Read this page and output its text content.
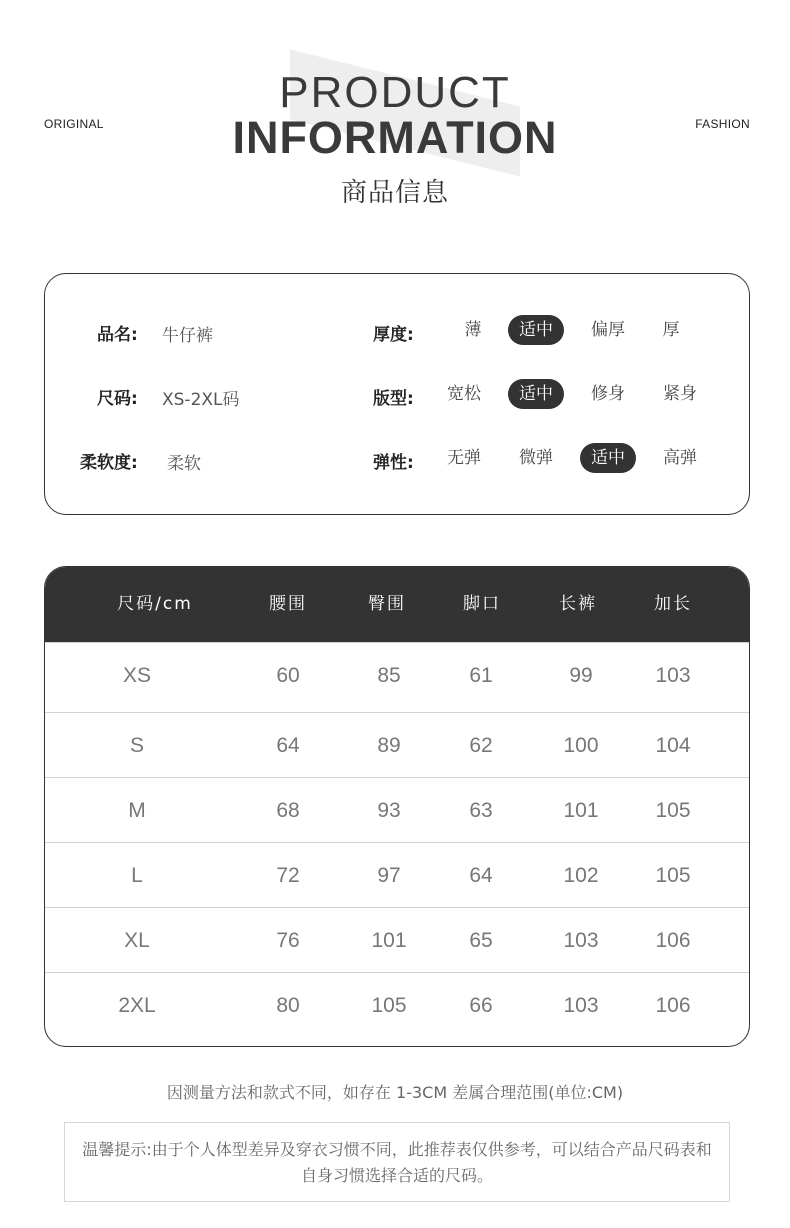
ORIGINAL	FASHION
PRODUCT
INFORMATION
商品信息
品名: 牛仔裤
尺码: XS-2XL码
柔软度: 柔软
厚度:	薄	适中	偏厚	厚
版型:	宽松	适中	修身	紧身
弹性:	无弹	微弹	适中	高弹
尺码/cm	腰围	臀围	脚口	长裤	加长
XS	60	85	61	99	103
S	64	89	62	100	104
M	68	93	63	101	105
L	72	97	64	102	105
XL	76	101	65	103	106
2XL	80	105	66	103	106
因测量方法和款式不同，如存在 1-3CM 差属合理范围(单位:CM)
温馨提示:由于个人体型差异及穿衣习惯不同，此推荐表仅供参考，可以结合产品尺码表和自身习惯选择合适的尺码。
